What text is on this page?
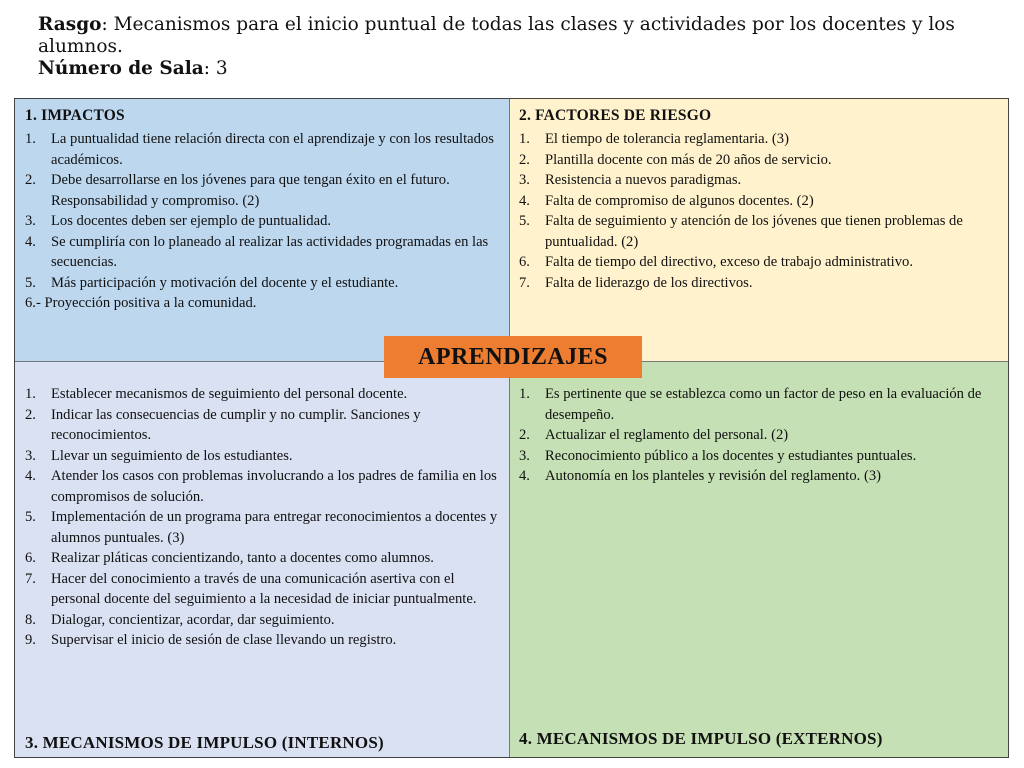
Rasgo: Mecanismos para el inicio puntual de todas las clases y actividades por los docentes y los alumnos.
Número de Sala: 3
1. IMPACTOS
1. La puntualidad tiene relación directa con el aprendizaje y con los resultados académicos.
2. Debe desarrollarse en los jóvenes para que tengan éxito en el futuro. Responsabilidad y compromiso. (2)
3. Los docentes deben ser ejemplo de puntualidad.
4. Se cumpliría con lo planeado al realizar las actividades programadas en las secuencias.
5. Más participación y motivación del docente y el estudiante.
6.- Proyección positiva a la comunidad.
2. FACTORES DE RIESGO
1. El tiempo de tolerancia reglamentaria. (3)
2. Plantilla docente con más de 20 años de servicio.
3. Resistencia a nuevos paradigmas.
4. Falta de compromiso de algunos docentes. (2)
5. Falta de seguimiento y atención de los jóvenes que tienen problemas de puntualidad. (2)
6. Falta de tiempo del directivo, exceso de trabajo administrativo.
7. Falta de liderazgo de los directivos.
1. Establecer mecanismos de seguimiento del personal docente.
2. Indicar las consecuencias de cumplir y no cumplir. Sanciones y reconocimientos.
3. Llevar un seguimiento de los estudiantes.
4. Atender los casos con problemas involucrando a los padres de familia en los compromisos de solución.
5. Implementación de un programa para entregar reconocimientos a docentes y alumnos puntuales. (3)
6. Realizar pláticas concientizando, tanto a docentes como alumnos.
7. Hacer del conocimiento a través de una comunicación asertiva con el personal docente del seguimiento a la necesidad de iniciar puntualmente.
8. Dialogar, concientizar, acordar, dar seguimiento.
9. Supervisar el inicio de sesión de clase llevando un registro.
3. MECANISMOS DE IMPULSO (INTERNOS)
1. Es pertinente que se establezca como un factor de peso en la evaluación de desempeño.
2. Actualizar el reglamento del personal. (2)
3. Reconocimiento público a los docentes y estudiantes puntuales.
4. Autonomía en los planteles y revisión del reglamento. (3)
4. MECANISMOS DE IMPULSO (EXTERNOS)
APRENDIZAJES
